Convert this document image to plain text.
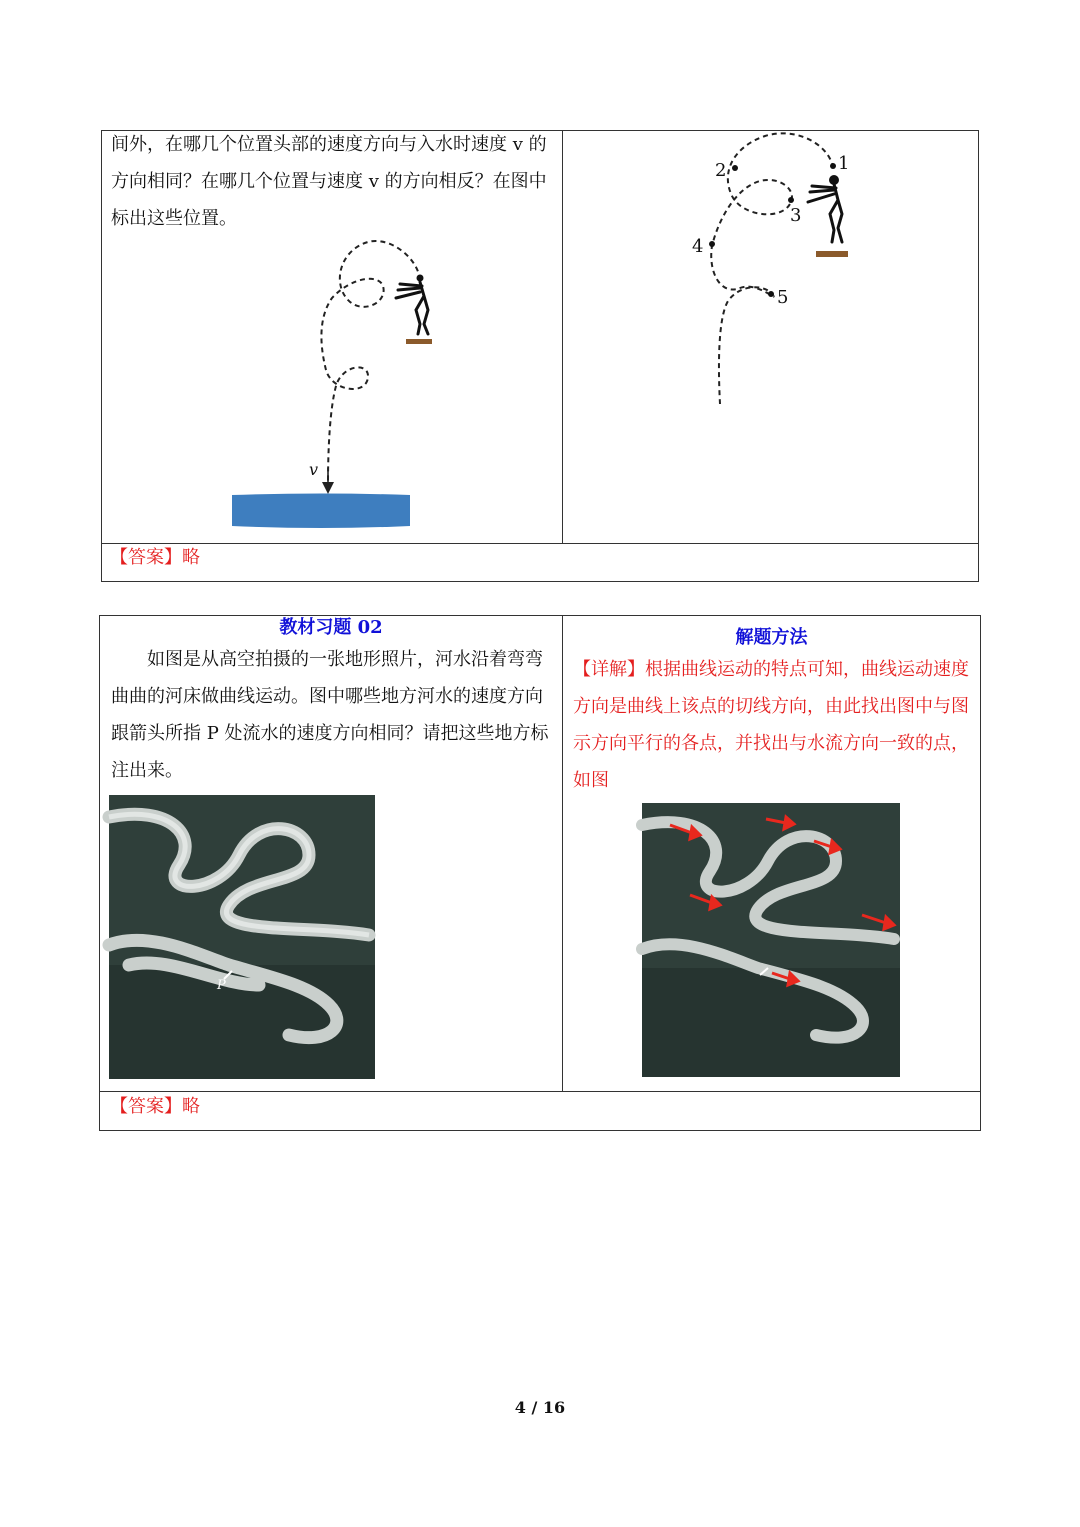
间外，在哪几个位置头部的速度方向与入水时速度 v 的方向相同？在哪几个位置与速度 v 的方向相反？在图中标出这些位置。
v
1
2
3
4
5
【答案】略
教材习题 02
如图是从高空拍摄的一张地形照片，河水沿着弯弯曲曲的河床做曲线运动。图中哪些地方河水的速度方向跟箭头所指 P 处流水的速度方向相同？请把这些地方标注出来。
P
解题方法
【详解】根据曲线运动的特点可知，曲线运动速度方向是曲线上该点的切线方向，由此找出图中与图示方向平行的各点，并找出与水流方向一致的点，如图
【答案】略
4 / 16
